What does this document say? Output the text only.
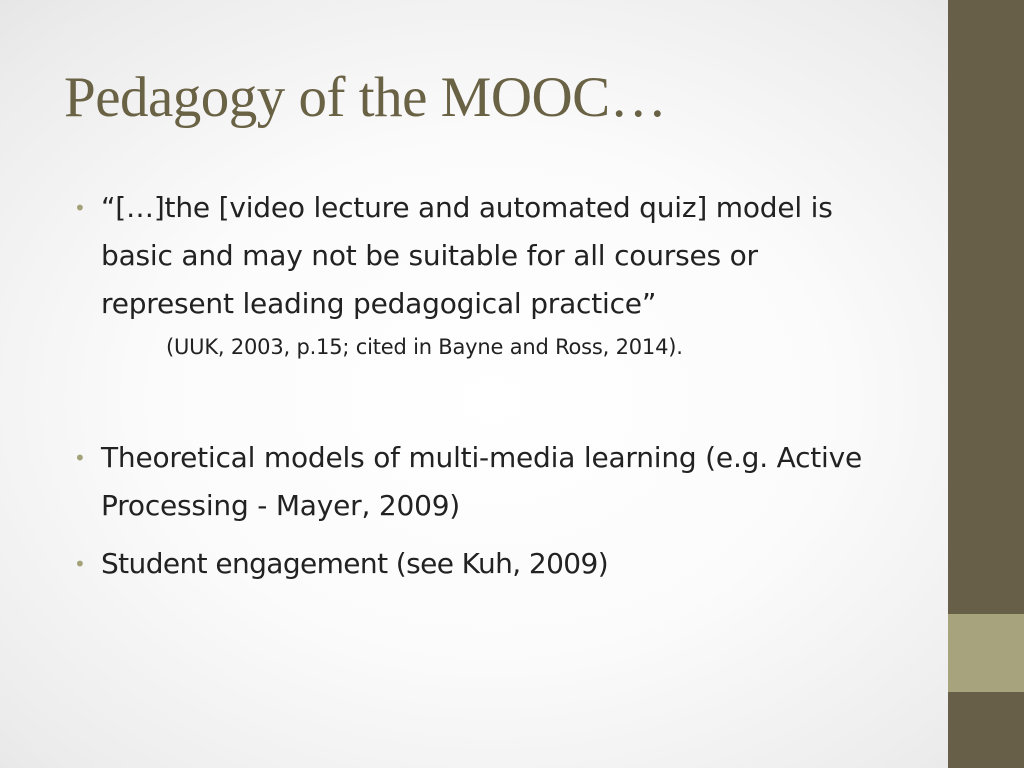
Pedagogy of the MOOC…
• “[…]the [video lecture and automated quiz] model is basic and may not be suitable for all courses or represent leading pedagogical practice”
(UUK, 2003, p.15; cited in Bayne and Ross, 2014).
• Theoretical models of multi-media learning (e.g. Active Processing - Mayer, 2009)
• Student engagement (see Kuh, 2009)
